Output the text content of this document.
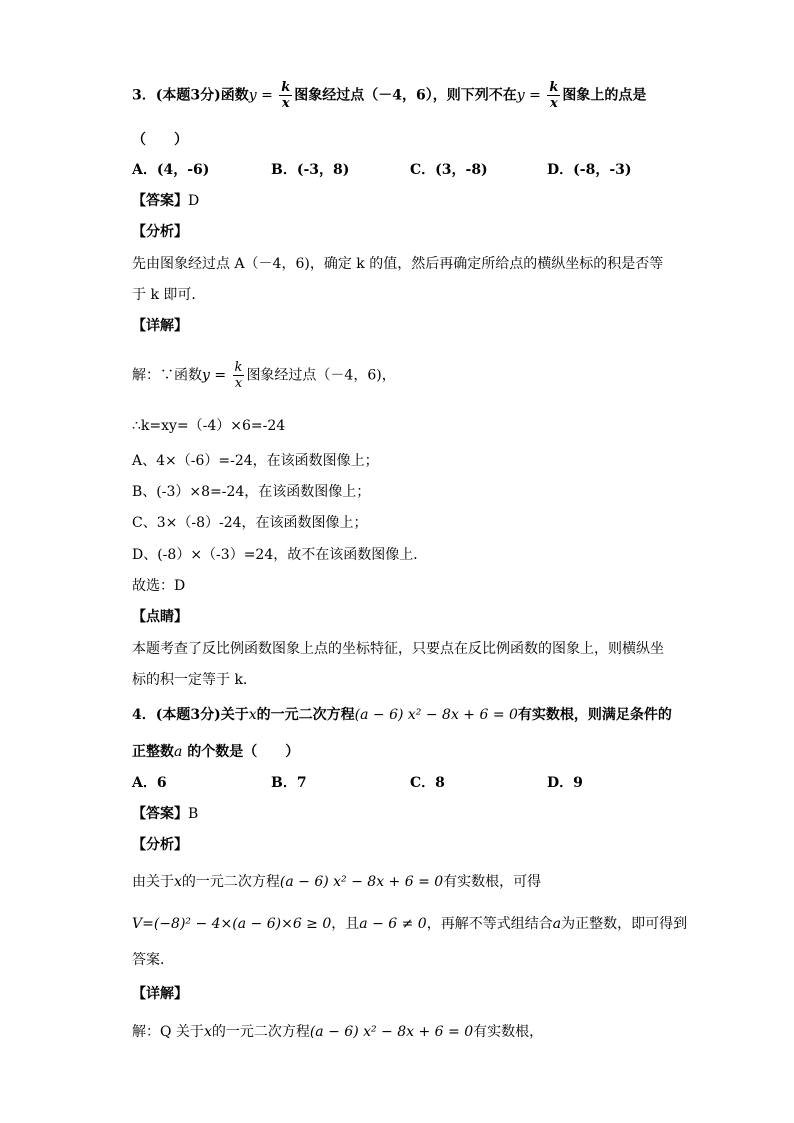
3．(本题3分)函数$y = \frac{k}{x}$ 图象经过点（－4，6），则下列不在$y = \frac{k}{x}$ 图象上的点是
（　　）
A．(4，-6)	B．(-3，8)	C．(3，-8)	D．(-8，-3)
【答案】D
【分析】
先由图象经过点 A（－4，6)，确定 k 的值，然后再确定所给点的横纵坐标的积是否等
于 k 即可．
【详解】
解：∵函数$y = \frac{k}{x}$ 图象经过点（－4，6)，
∴k=xy=（-4）×6=-24
A、4×（-6）=-24，在该函数图像上；
B、(-3）×8=-24，在该函数图像上；
C、3×（-8）-24，在该函数图像上；
D、(-8）×（-3）=24，故不在该函数图像上．
故选：D
【点睛】
本题考查了反比例函数图象上点的坐标特征，只要点在反比例函数的图象上，则横纵坐
标的积一定等于 k．
4．(本题3分)关于x的一元二次方程(a − 6) x² − 8x + 6 = 0有实数根，则满足条件的
正整数a 的个数是（　　）
A．6	B．7	C．8	D．9
【答案】B
【分析】
由关于x的一元二次方程(a − 6) x² − 8x + 6 = 0有实数根，可得
V=(−8)² − 4×(a − 6)×6 ≥ 0，且a − 6 ≠ 0，再解不等式组结合a为正整数，即可得到
答案．
【详解】
解：Q 关于x的一元二次方程(a − 6) x² − 8x + 6 = 0有实数根，
